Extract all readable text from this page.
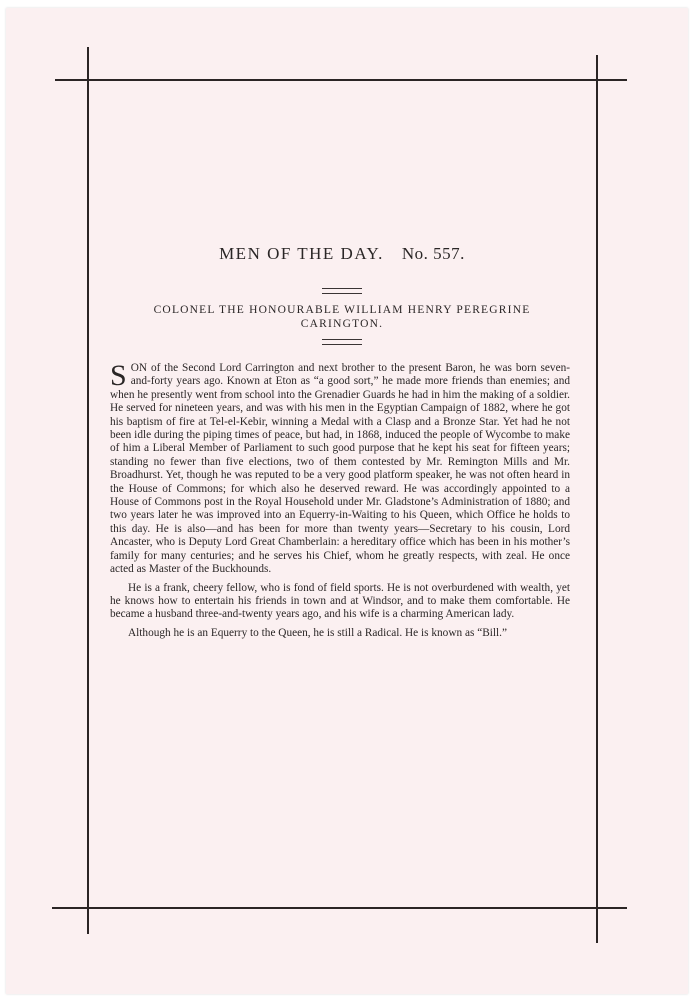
MEN OF THE DAY. No. 557.
COLONEL THE HONOURABLE WILLIAM HENRY PEREGRINE CARINGTON.

SON of the Second Lord Carrington and next brother to the present Baron, he was born seven-and-forty years ago. Known at Eton as “a good sort,” he made more friends than enemies; and when he presently went from school into the Grenadier Guards he had in him the making of a soldier. He served for nineteen years, and was with his men in the Egyptian Campaign of 1882, where he got his baptism of fire at Tel-el-Kebir, winning a Medal with a Clasp and a Bronze Star. Yet had he not been idle during the piping times of peace, but had, in 1868, induced the people of Wycombe to make of him a Liberal Member of Parliament to such good purpose that he kept his seat for fifteen years; standing no fewer than five elections, two of them contested by Mr. Remington Mills and Mr. Broadhurst. Yet, though he was reputed to be a very good platform speaker, he was not often heard in the House of Commons; for which also he deserved reward. He was accordingly appointed to a House of Commons post in the Royal Household under Mr. Gladstone’s Administration of 1880; and two years later he was improved into an Equerry-in-Waiting to his Queen, which Office he holds to this day. He is also—and has been for more than twenty years—Secretary to his cousin, Lord Ancaster, who is Deputy Lord Great Chamberlain: a hereditary office which has been in his mother’s family for many centuries; and he serves his Chief, whom he greatly respects, with zeal. He once acted as Master of the Buckhounds.

He is a frank, cheery fellow, who is fond of field sports. He is not overburdened with wealth, yet he knows how to entertain his friends in town and at Windsor, and to make them comfortable. He became a husband three-and-twenty years ago, and his wife is a charming American lady.

Although he is an Equerry to the Queen, he is still a Radical. He is known as “Bill.”
